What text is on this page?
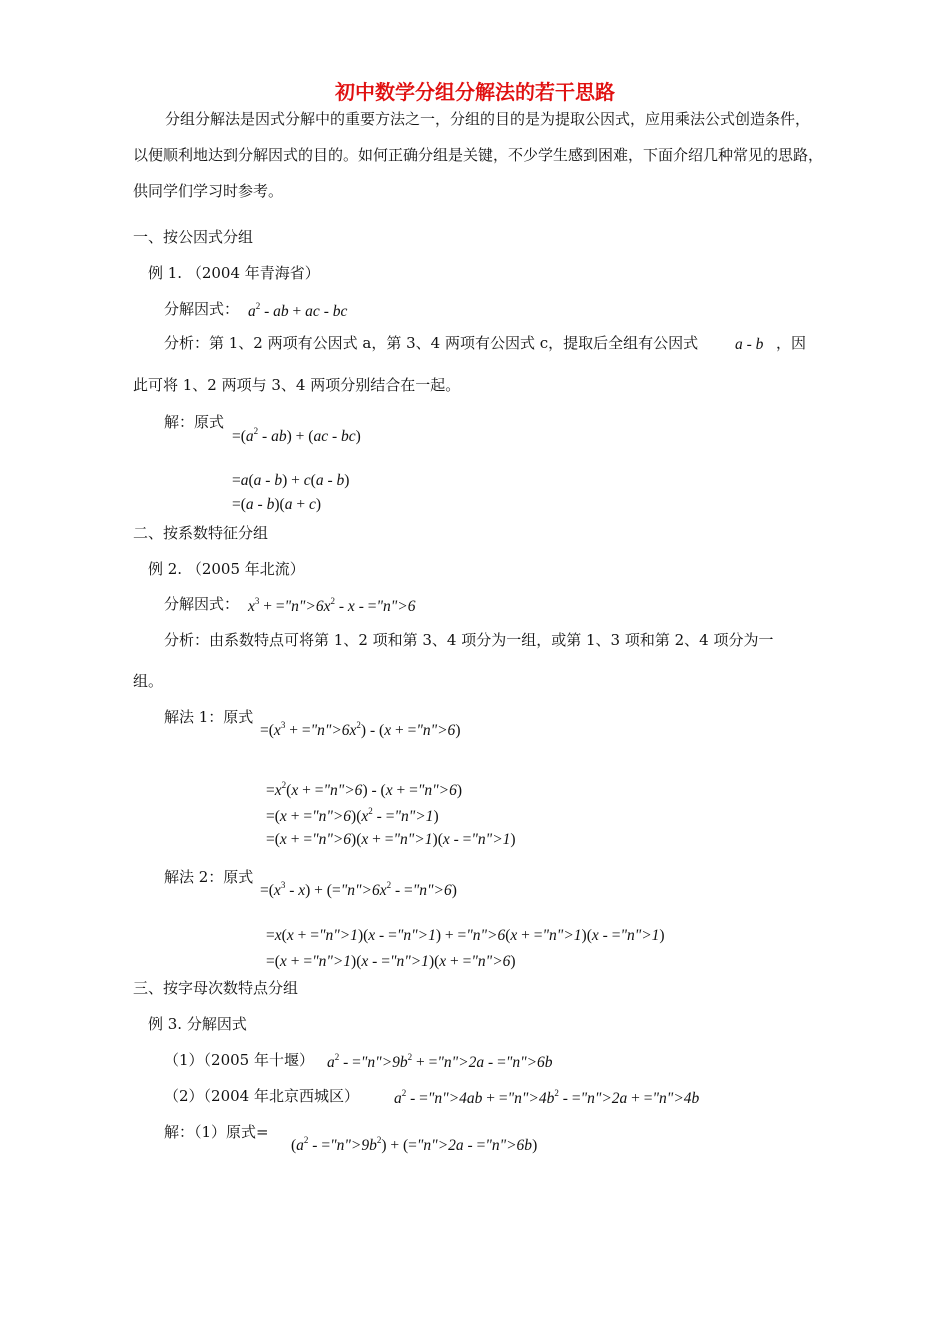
初中数学分组分解法的若干思路
分组分解法是因式分解中的重要方法之一，分组的目的是为提取公因式，应用乘法公式创造条件，以便顺利地达到分解因式的目的。如何正确分组是关键，不少学生感到困难，下面介绍几种常见的思路，供同学们学习时参考。
一、按公因式分组
例 1. （2004 年青海省）
分解因式： $a^2$ - ab + ac - bc
分析：第 1、2 两项有公因式 a，第 3、4 两项有公因式 c，提取后全组有公因式 a - b ，因
此可将 1、2 两项与 3、4 两项分别结合在一起。
解：原式
$=(a^2 - ab) + (ac - bc)$
=a(a - b) + c(a - b)
=(a - b)(a + c)
二、按系数特征分组
例 2. （2005 年北流）
分解因式： $x^3$ + $="n">6x^2 - x$ - ="n">6
分析：由系数特点可将第 1、2 项和第 3、4 项分为一组，或第 1、3 项和第 2、4 项分为一
组。
解法 1：原式
$=(x^3$ + $="n">6x^2) - (x$ + ="n">6)
$=x^2(x$ + ="n">6) - (x + ="n">6)
$=(x + ="n">6)(x^2$ - ="n">1)
=(x + ="n">6)(x + ="n">1)(x - ="n">1)
解法 2：原式
$=(x^3 - x)$ + ($="n">6x^2$ - ="n">6)
=x(x + ="n">1)(x - ="n">1) + ="n">6(x + ="n">1)(x - ="n">1)
=(x + ="n">1)(x - ="n">1)(x + ="n">6)
三、按字母次数特点分组
例 3. 分解因式
（1）（2005 年十堰） $a^2$ - $="n">9b^2$ + ="n">2a - ="n">6b
（2）（2004 年北京西城区） $a^2$ - ="n">4ab + $="n">4b^2$ - ="n">2a + ="n">4b
解：（1）原式=
($a^2$ - $="n">9b^2$) + (="n">2a - ="n">6b)
